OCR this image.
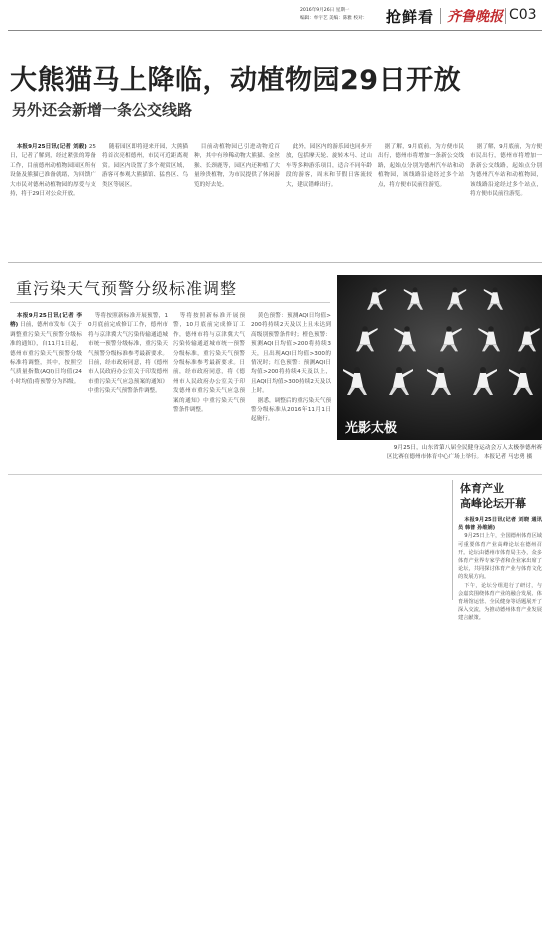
2016年9月26日 星期一
编辑：牟宇艺 美编：陈雅 校对：	抢鲜看 齐鲁晚报 C03
大熊猫马上降临，动植物园29日开放
另外还会新增一条公交线路

本报9月25日讯(记者 刘毅) 25日，记者了解到，经过紧张的筹备工作，目前德州动植物园园区所有设备及熊猫已准备就绪，为回馈广大市民对德州动植物园的厚爱与支持，将于29日对公众开放。

随着园区即将迎来开园，大熊猫将首次亮相德州，市民可近距离观赏。园区内设置了多个观赏区域，游客可参观大熊猫馆、猛兽区、鸟类区等展区。

目前动植物园已引进动物近百种，其中有珍稀动物大熊猫、金丝猴、长颈鹿等，园区内还种植了大量珍贵植物，为市民提供了休闲游览的好去处。

此外，园区内的游乐园也同步开放，包括摩天轮、旋转木马、过山车等多种游乐项目，适合不同年龄段的游客，周末和节假日客流较大，建议错峰出行。

据了解，9月底前，为方便市民出行，德州市将增加一条新公交线路，起始点分别为德州汽车站和动植物园，该线路沿途经过多个站点，将方便市民前往游览。

据了解，9月底前，为方便市民出行，德州市将增加一条新公交线路，起始点分别为德州汽车站和动植物园，该线路沿途经过多个站点，将方便市民前往游览。

重污染天气预警分级标准调整

本报9月25日讯(记者 李榕) 日前，德州市发布《关于调整重污染天气预警分级标准的通知》，自11月1日起，德州市重污染天气预警分级标准将调整，其中，按照空气质量指数(AQI)日均值(24小时均值)将预警分为四级。

等将按照新标准开展预警，10月底前完成修订工作，德州市将与京津冀大气污染传输通道城市统一预警分级标准，重污染天气预警分级标准参考最新要求。日前，经市政府同意，将《德州市人民政府办公室关于印发德州市重污染天气应急预案的通知》中重污染天气预警条件调整。

等将按照新标准开展预警，10月底前完成修订工作，德州市将与京津冀大气污染传输通道城市统一预警分级标准，重污染天气预警分级标准参考最新要求。日前，经市政府同意，将《德州市人民政府办公室关于印发德州市重污染天气应急预案的通知》中重污染天气预警条件调整。

黄色预警：预测AQI日均值>200将持续2天及以上且未达到高级别预警条件时；橙色预警：预测AQI日均值>200将持续3天，且出现AQI日均值>300的情况时；红色预警：预测AQI日均值>200将持续4天及以上，且AQI日均值>300持续2天及以上时。

据悉，调整后的重污染天气预警分级标准从2016年11月1日起施行。

光影太极

9月25日，山东省第八届全民健身运动会万人太极拳德州赛区比赛在德州市体育中心广场上举行。 本报记者 马忠勇 摄

体育产业
高峰论坛开幕

本报9月25日讯(记者 刘晓 通讯员 韩普 孙维娟)

9月25日上午，全国德州体育区域可重要体育产业高峰论坛在德州召开。论坛由德州市体育局主办，众多体育产业界专家学者和企业家出席了论坛，共同探讨体育产业与体育文化的发展方向。

下午，论坛分组进行了研讨，与会嘉宾围绕体育产业的融合发展、体育场馆运营、全民健身等话题展开了深入交流，为推动德州体育产业发展建言献策。
